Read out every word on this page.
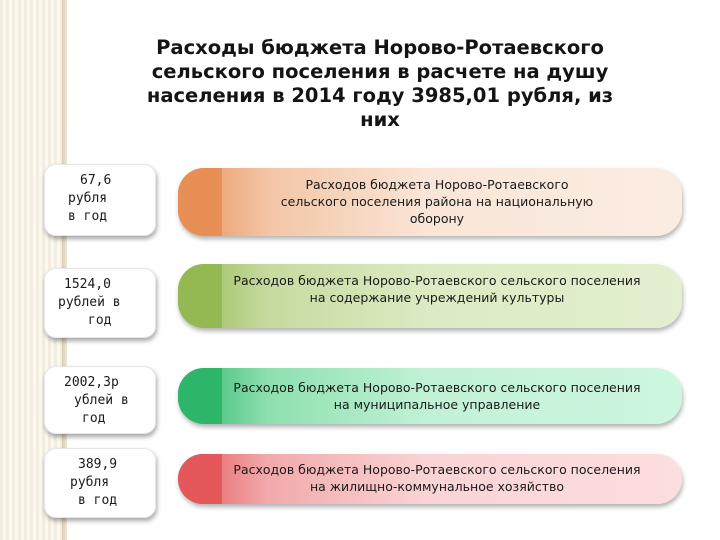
Расходы бюджета Норово-Ротаевского
сельского поселения в расчете на душу
населения в 2014 году 3985,01 рубля, из
них
67,6
рубля
в год
Расходов бюджета Норово-Ротаевского
сельского поселения района на национальную
оборону
1524,0
рублей в
год
Расходов бюджета Норово-Ротаевского сельского поселения
на содержание учреждений культуры
2002,3р
ублей в
год
Расходов бюджета Норово-Ротаевского сельского поселения
на муниципальное управление
389,9
рубля
в год
Расходов бюджета Норово-Ротаевского сельского поселения
на жилищно-коммунальное хозяйство
